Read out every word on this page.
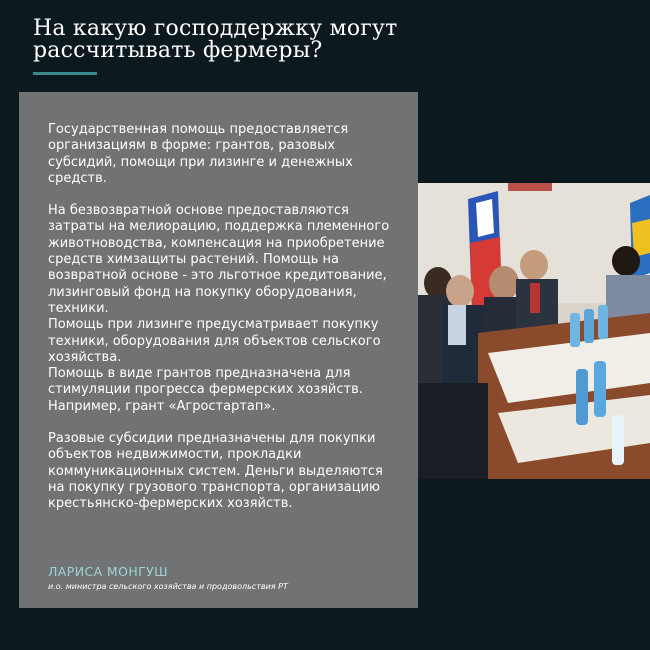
На какую господдержку могут
рассчитывать фермеры?

Государственная помощь предоставляется организациям в форме: грантов, разовых субсидий, помощи при лизинге и денежных средств.

На безвозвратной основе предоставляются затраты на мелиорацию, поддержка племенного животноводства, компенсация на приобретение средств химзащиты растений. Помощь на возвратной основе - это льготное кредитование, лизинговый фонд на покупку оборудования, техники.

Помощь при лизинге предусматривает покупку техники, оборудования для объектов сельского хозяйства.

Помощь в виде грантов предназначена для стимуляции прогресса фермерских хозяйств. Например, грант «Агростартап».

Разовые субсидии предназначены для покупки объектов недвижимости, прокладки коммуникационных систем. Деньги выделяются на покупку грузового транспорта, организацию крестьянско-фермерских хозяйств.

ЛАРИСА МОНГУШ
и.о. министра сельского хозяйства и продовольствия РТ
